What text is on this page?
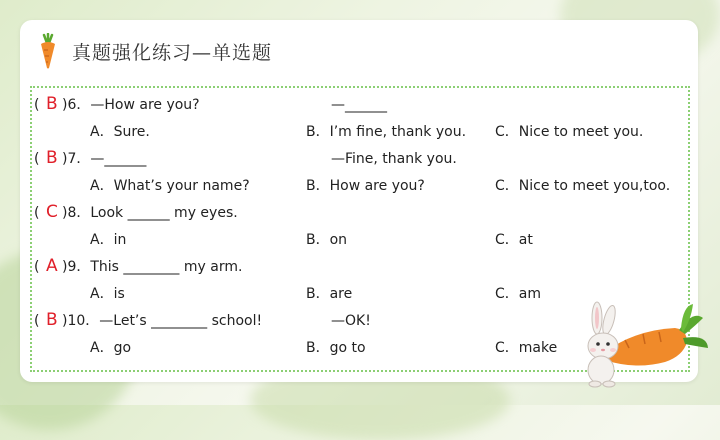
真题强化练习—单选题
( B )6．—How are you?	—______
A．Sure.	B．I’m fine, thank you. C．Nice to meet you.
( B )7．—______	—Fine, thank you.
A．What’s your name?	B．How are you?	C．Nice to meet you,too.
( C )8．Look ______ my eyes.
A．in	B．on	C．at
( A )9．This ________ my arm.
A．is	B．are	C．am
( B )10．—Let’s ________ school!	—OK!
A．go	B．go to	C．make
